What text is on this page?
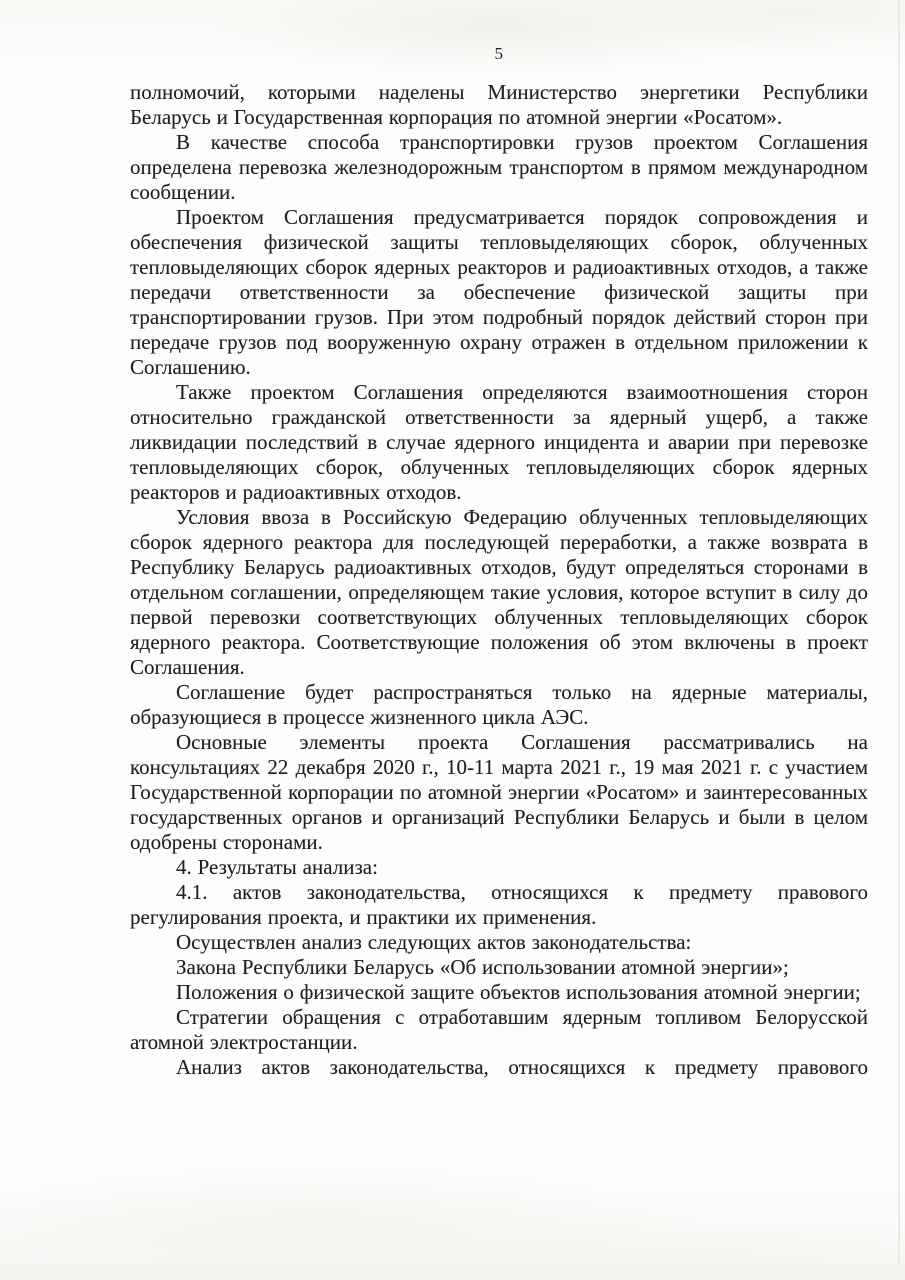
5

полномочий, которыми наделены Министерство энергетики Республики Беларусь и Государственная корпорация по атомной энергии «Росатом».

В качестве способа транспортировки грузов проектом Соглашения определена перевозка железнодорожным транспортом в прямом международном сообщении.

Проектом Соглашения предусматривается порядок сопровождения и обеспечения физической защиты тепловыделяющих сборок, облученных тепловыделяющих сборок ядерных реакторов и радиоактивных отходов, а также передачи ответственности за обеспечение физической защиты при транспортировании грузов. При этом подробный порядок действий сторон при передаче грузов под вооруженную охрану отражен в отдельном приложении к Соглашению.

Также проектом Соглашения определяются взаимоотношения сторон относительно гражданской ответственности за ядерный ущерб, а также ликвидации последствий в случае ядерного инцидента и аварии при перевозке тепловыделяющих сборок, облученных тепловыделяющих сборок ядерных реакторов и радиоактивных отходов.

Условия ввоза в Российскую Федерацию облученных тепловыделяющих сборок ядерного реактора для последующей переработки, а также возврата в Республику Беларусь радиоактивных отходов, будут определяться сторонами в отдельном соглашении, определяющем такие условия, которое вступит в силу до первой перевозки соответствующих облученных тепловыделяющих сборок ядерного реактора. Соответствующие положения об этом включены в проект Соглашения.

Соглашение будет распространяться только на ядерные материалы, образующиеся в процессе жизненного цикла АЭС.

Основные элементы проекта Соглашения рассматривались на консультациях 22 декабря 2020 г., 10-11 марта 2021 г., 19 мая 2021 г. с участием Государственной корпорации по атомной энергии «Росатом» и заинтересованных государственных органов и организаций Республики Беларусь и были в целом одобрены сторонами.

4. Результаты анализа:

4.1. актов законодательства, относящихся к предмету правового регулирования проекта, и практики их применения.

Осуществлен анализ следующих актов законодательства:

Закона Республики Беларусь «Об использовании атомной энергии»;

Положения о физической защите объектов использования атомной энергии;

Стратегии обращения с отработавшим ядерным топливом Белорусской атомной электростанции.

Анализ актов законодательства, относящихся к предмету правового
